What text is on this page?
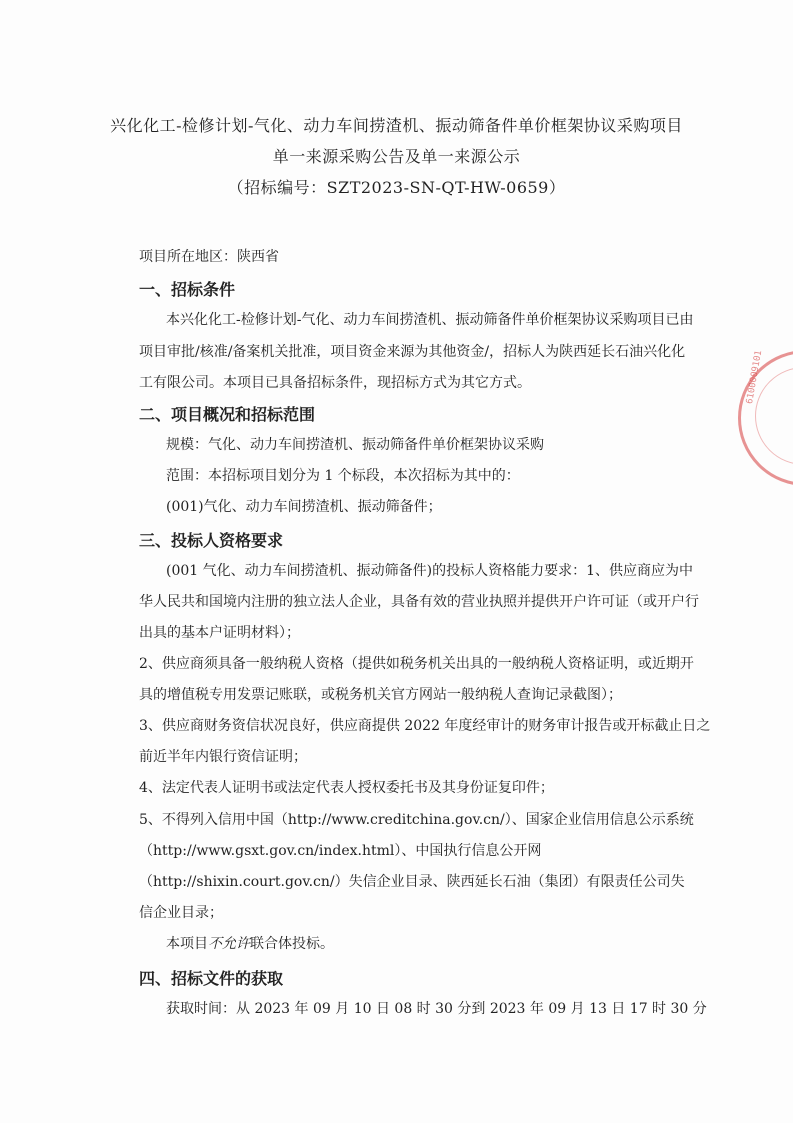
兴化化工-检修计划-气化、动力车间捞渣机、振动筛备件单价框架协议采购项目
单一来源采购公告及单一来源公示
（招标编号：SZT2023-SN-QT-HW-0659）
项目所在地区：陕西省
一、招标条件
本兴化化工-检修计划-气化、动力车间捞渣机、振动筛备件单价框架协议采购项目已由
项目审批/核准/备案机关批准，项目资金来源为其他资金/，招标人为陕西延长石油兴化化
工有限公司。本项目已具备招标条件，现招标方式为其它方式。
二、项目概况和招标范围
规模：气化、动力车间捞渣机、振动筛备件单价框架协议采购
范围：本招标项目划分为 1 个标段，本次招标为其中的：
(001)气化、动力车间捞渣机、振动筛备件；
三、投标人资格要求
(001 气化、动力车间捞渣机、振动筛备件)的投标人资格能力要求：1、供应商应为中
华人民共和国境内注册的独立法人企业，具备有效的营业执照并提供开户许可证（或开户行
出具的基本户证明材料）；
2、供应商须具备一般纳税人资格（提供如税务机关出具的一般纳税人资格证明，或近期开
具的增值税专用发票记账联，或税务机关官方网站一般纳税人查询记录截图）；
3、供应商财务资信状况良好，供应商提供 2022 年度经审计的财务审计报告或开标截止日之
前近半年内银行资信证明；
4、法定代表人证明书或法定代表人授权委托书及其身份证复印件；
5、不得列入信用中国（http://www.creditchina.gov.cn/）、国家企业信用信息公示系统
（http://www.gsxt.gov.cn/index.html）、中国执行信息公开网
（http://shixin.court.gov.cn/）失信企业目录、陕西延长石油（集团）有限责任公司失
信企业目录；
本项目不允许联合体投标。
四、招标文件的获取
获取时间：从 2023 年 09 月 10 日 08 时 30 分到 2023 年 09 月 13 日 17 时 30 分
6100009101
